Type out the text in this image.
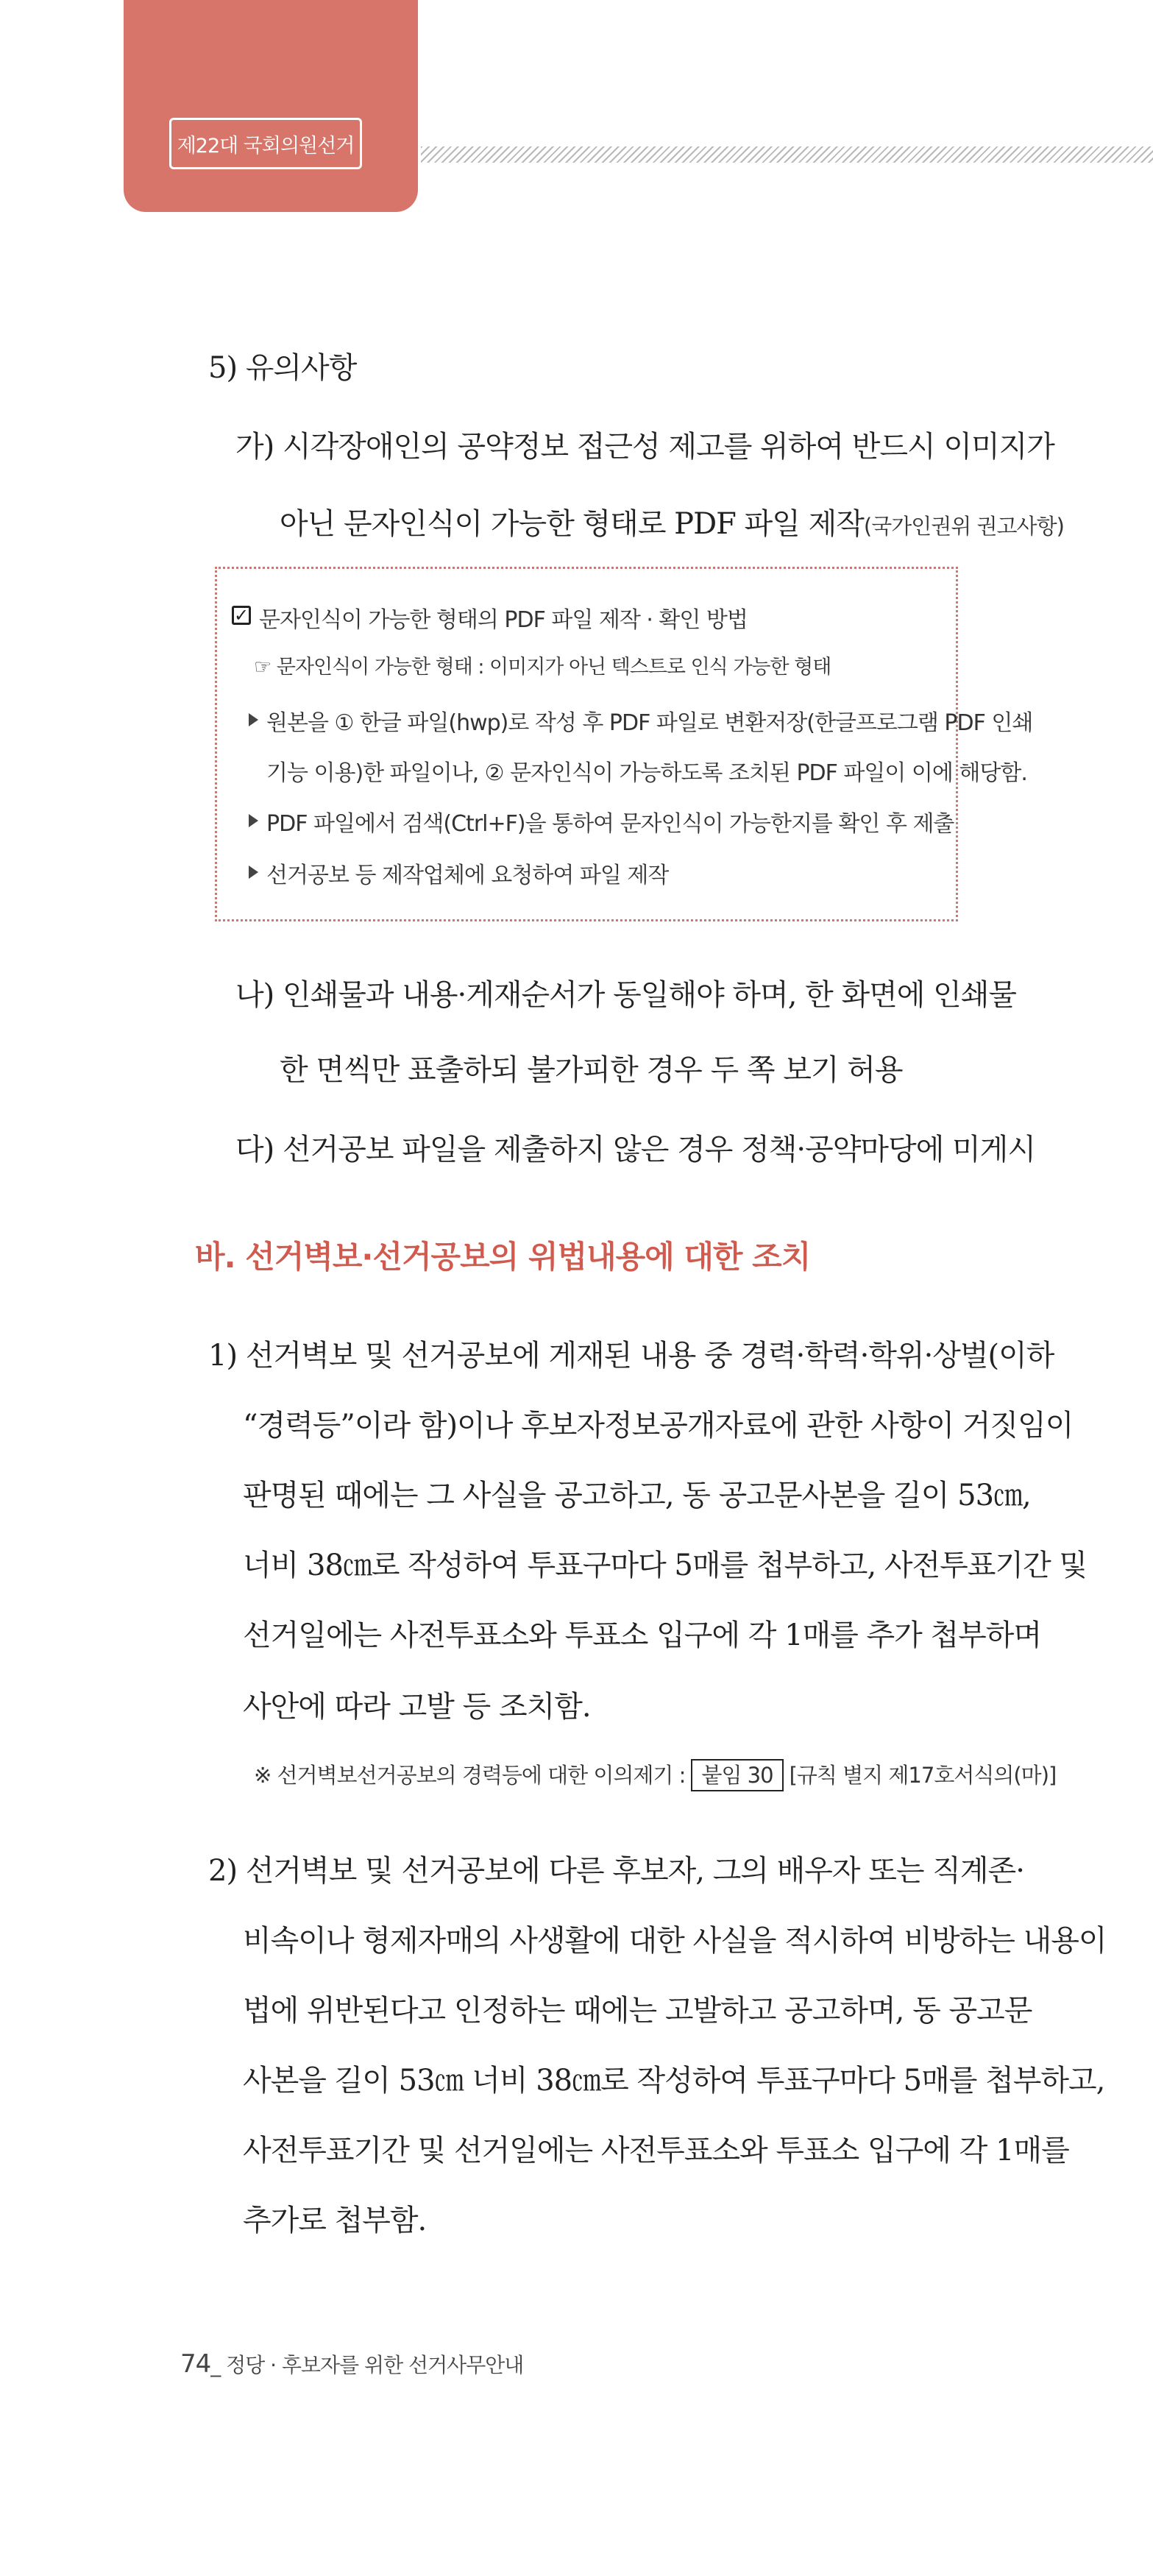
제22대 국회의원선거
5) 유의사항
가) 시각장애인의 공약정보 접근성 제고를 위하여 반드시 이미지가
아닌 문자인식이 가능한 형태로 PDF 파일 제작(국가인권위 권고사항)
✓ 문자인식이 가능한 형태의 PDF 파일 제작 · 확인 방법
☞ 문자인식이 가능한 형태 : 이미지가 아닌 텍스트로 인식 가능한 형태
원본을 ① 한글 파일(hwp)로 작성 후 PDF 파일로 변환저장(한글프로그램 PDF 인쇄
기능 이용)한 파일이나, ② 문자인식이 가능하도록 조치된 PDF 파일이 이에 해당함.
PDF 파일에서 검색(Ctrl+F)을 통하여 문자인식이 가능한지를 확인 후 제출
선거공보 등 제작업체에 요청하여 파일 제작
나) 인쇄물과 내용·게재순서가 동일해야 하며, 한 화면에 인쇄물
한 면씩만 표출하되 불가피한 경우 두 쪽 보기 허용
다) 선거공보 파일을 제출하지 않은 경우 정책·공약마당에 미게시
바. 선거벽보·선거공보의 위법내용에 대한 조치
1) 선거벽보 및 선거공보에 게재된 내용 중 경력·학력·학위·상벌(이하
“경력등”이라 함)이나 후보자정보공개자료에 관한 사항이 거짓임이
판명된 때에는 그 사실을 공고하고, 동 공고문사본을 길이 53㎝,
너비 38㎝로 작성하여 투표구마다 5매를 첩부하고, 사전투표기간 및
선거일에는 사전투표소와 투표소 입구에 각 1매를 추가 첩부하며
사안에 따라 고발 등 조치함.
※ 선거벽보선거공보의 경력등에 대한 이의제기 : 붙임 30 [규칙 별지 제17호서식의(마)]
2) 선거벽보 및 선거공보에 다른 후보자, 그의 배우자 또는 직계존·
비속이나 형제자매의 사생활에 대한 사실을 적시하여 비방하는 내용이
법에 위반된다고 인정하는 때에는 고발하고 공고하며, 동 공고문
사본을 길이 53㎝ 너비 38㎝로 작성하여 투표구마다 5매를 첩부하고,
사전투표기간 및 선거일에는 사전투표소와 투표소 입구에 각 1매를
추가로 첩부함.
74_ 정당 · 후보자를 위한 선거사무안내
